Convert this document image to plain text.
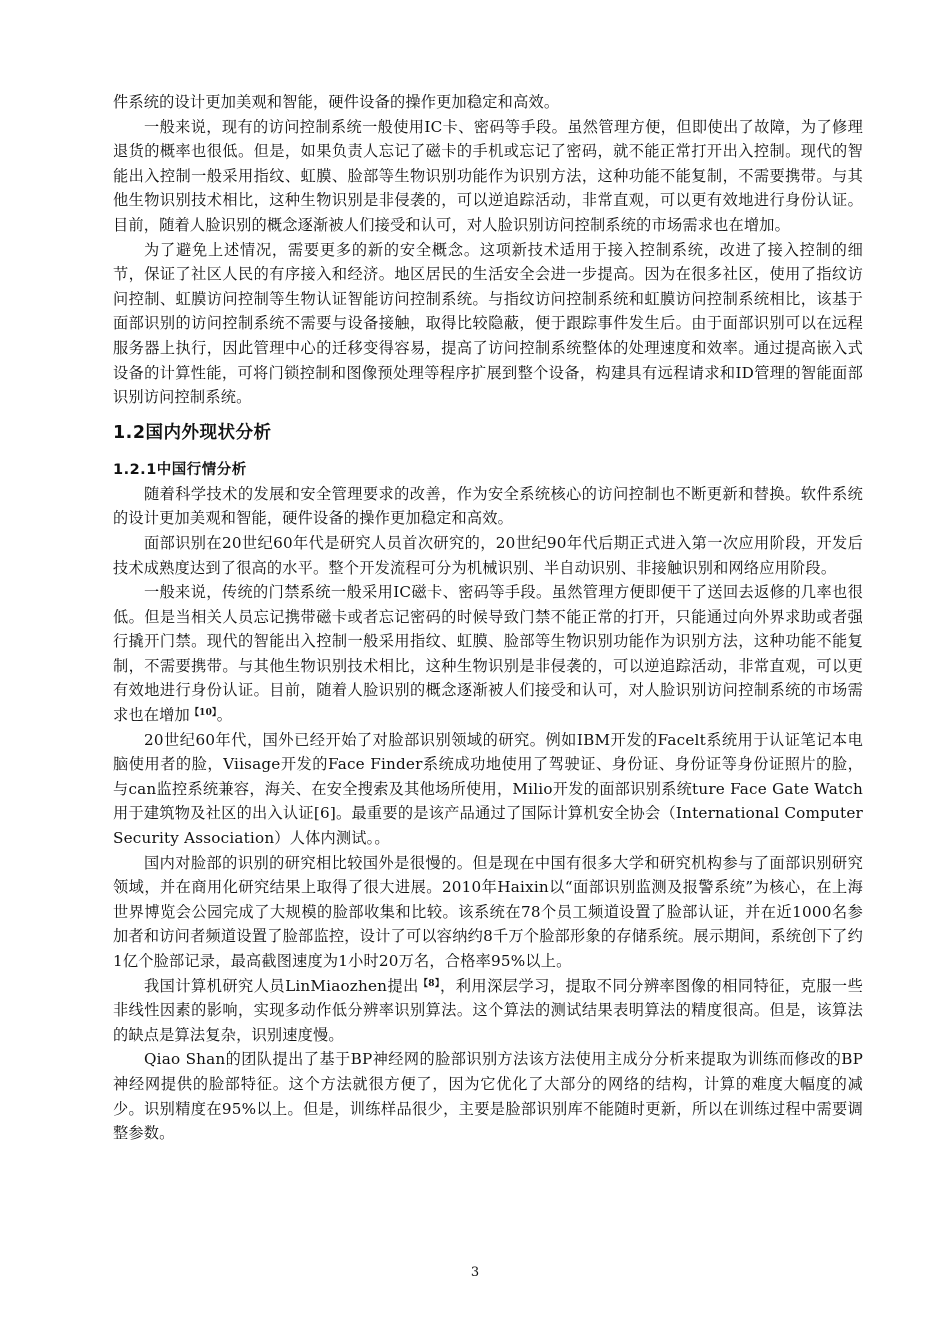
件系统的设计更加美观和智能，硬件设备的操作更加稳定和高效。

一般来说，现有的访问控制系统一般使用IC卡、密码等手段。虽然管理方便，但即使出了故障，为了修理退货的概率也很低。但是，如果负责人忘记了磁卡的手机或忘记了密码，就不能正常打开出入控制。现代的智能出入控制一般采用指纹、虹膜、脸部等生物识别功能作为识别方法，这种功能不能复制，不需要携带。与其他生物识别技术相比，这种生物识别是非侵袭的，可以逆追踪活动，非常直观，可以更有效地进行身份认证。目前，随着人脸识别的概念逐渐被人们接受和认可，对人脸识别访问控制系统的市场需求也在增加。

为了避免上述情况，需要更多的新的安全概念。这项新技术适用于接入控制系统，改进了接入控制的细节，保证了社区人民的有序接入和经济。地区居民的生活安全会进一步提高。因为在很多社区，使用了指纹访问控制、虹膜访问控制等生物认证智能访问控制系统。与指纹访问控制系统和虹膜访问控制系统相比，该基于面部识别的访问控制系统不需要与设备接触，取得比较隐蔽，便于跟踪事件发生后。由于面部识别可以在远程服务器上执行，因此管理中心的迁移变得容易，提高了访问控制系统整体的处理速度和效率。通过提高嵌入式设备的计算性能，可将门锁控制和图像预处理等程序扩展到整个设备，构建具有远程请求和ID管理的智能面部识别访问控制系统。

1.2国内外现状分析
1.2.1中国行情分析

随着科学技术的发展和安全管理要求的改善，作为安全系统核心的访问控制也不断更新和替换。软件系统的设计更加美观和智能，硬件设备的操作更加稳定和高效。

面部识别在20世纪60年代是研究人员首次研究的，20世纪90年代后期正式进入第一次应用阶段，开发后技术成熟度达到了很高的水平。整个开发流程可分为机械识别、半自动识别、非接触识别和网络应用阶段。

一般来说，传统的门禁系统一般采用IC磁卡、密码等手段。虽然管理方便即便干了送回去返修的几率也很低。但是当相关人员忘记携带磁卡或者忘记密码的时候导致门禁不能正常的打开，只能通过向外界求助或者强行撬开门禁。现代的智能出入控制一般采用指纹、虹膜、脸部等生物识别功能作为识别方法，这种功能不能复制，不需要携带。与其他生物识别技术相比，这种生物识别是非侵袭的，可以逆追踪活动，非常直观，可以更有效地进行身份认证。目前，随着人脸识别的概念逐渐被人们接受和认可，对人脸识别访问控制系统的市场需求也在增加$^{【10】}$。

20世纪60年代，国外已经开始了对脸部识别领域的研究。例如IBM开发的Facelt系统用于认证笔记本电脑使用者的脸，Viisage开发的Face Finder系统成功地使用了驾驶证、身份证、身份证等身份证照片的脸，与can监控系统兼容，海关、在安全搜索及其他场所使用，Milio开发的面部识别系统ture Face Gate Watch用于建筑物及社区的出入认证[6]。最重要的是该产品通过了国际计算机安全协会（International Computer Security Association）人体内测试。。

国内对脸部的识别的研究相比较国外是很慢的。但是现在中国有很多大学和研究机构参与了面部识别研究领域，并在商用化研究结果上取得了很大进展。2010年Haixin以“面部识别监测及报警系统”为核心，在上海世界博览会公园完成了大规模的脸部收集和比较。该系统在78个员工频道设置了脸部认证，并在近1000名参加者和访问者频道设置了脸部监控，设计了可以容纳约8千万个脸部形象的存储系统。展示期间，系统创下了约1亿个脸部记录，最高截图速度为1小时20万名，合格率95%以上。

我国计算机研究人员LinMiaozhen提出$^{【8】}$，利用深层学习，提取不同分辨率图像的相同特征，克服一些非线性因素的影响，实现多动作低分辨率识别算法。这个算法的测试结果表明算法的精度很高。但是，该算法的缺点是算法复杂，识别速度慢。

Qiao Shan的团队提出了基于BP神经网的脸部识别方法该方法使用主成分分析来提取为训练而修改的BP神经网提供的脸部特征。这个方法就很方便了，因为它优化了大部分的网络的结构，计算的难度大幅度的减少。识别精度在95%以上。但是，训练样品很少，主要是脸部识别库不能随时更新，所以在训练过程中需要调整参数。

3
